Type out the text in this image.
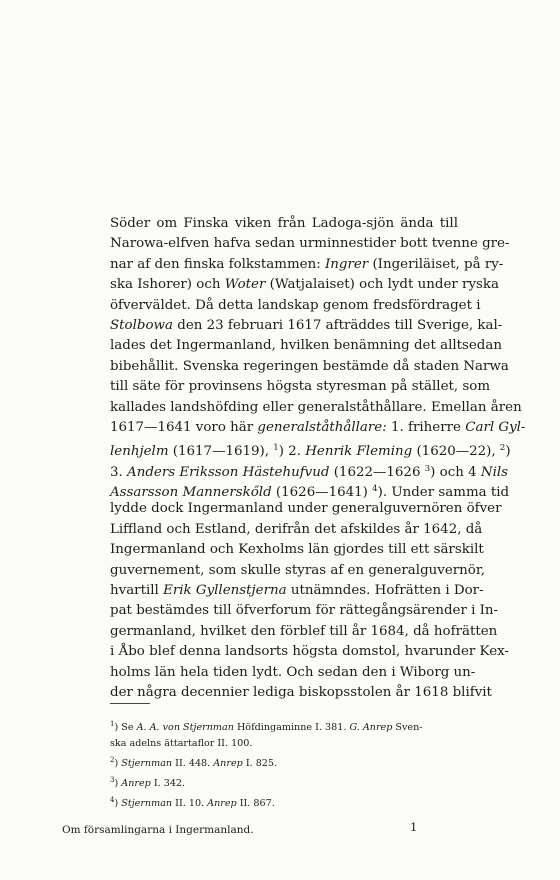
Söder om Finska viken från Ladoga-sjön ända till
Narowa-elfven hafva sedan urminnestider bott tvenne gre-
nar af den finska folkstammen: Ingrer (Ingeriläiset, på ry-
ska Ishorer) och Woter (Watjalaiset) och lydt under ryska
öfverväldet. Då detta landskap genom fredsfördraget i
Stolbowa den 23 februari 1617 afträddes till Sverige, kal-
lades det Ingermanland, hvilken benämning det alltsedan
bibehållit. Svenska regeringen bestämde då staden Narwa
till säte för provinsens högsta styresman på stället, som
kallades landshöfding eller generalståthållare. Emellan åren
1617—1641 voro här generalståthållare: 1. friherre Carl Gyl-
lenhjelm (1617—1619), $^1$) 2. Henrik Fleming (1620—22), $^2$)
3. Anders Eriksson Hästehufvud (1622—1626 $^3$) och 4 Nils
Assarsson Mannerskőld (1626—1641) $^4$). Under samma tid
lydde dock Ingermanland under generalguvernören öfver
Liffland och Estland, derifrån det afskildes år 1642, då
Ingermanland och Kexholms län gjordes till ett särskilt
guvernement, som skulle styras af en generalguvernör,
hvartill Erik Gyllenstjerna utnämndes. Hofrätten i Dor-
pat bestämdes till öfverforum för rättegångsärender i In-
germanland, hvilket den förblef till år 1684, då hofrätten
i Åbo blef denna landsorts högsta domstol, hvarunder Kex-
holms län hela tiden lydt. Och sedan den i Wiborg un-
der några decennier lediga biskopsstolen år 1618 blifvit
$^1$) Se A. A. von Stjernman Höfdingaminne I. 381. G. Anrep Sven-
ska adelns ättartaflor II. 100.
$^2$) Stjernman II. 448. Anrep I. 825.
$^3$) Anrep I. 342.
$^4$) Stjernman II. 10. Anrep II. 867.
Om församlingarna i Ingermanland.	1
